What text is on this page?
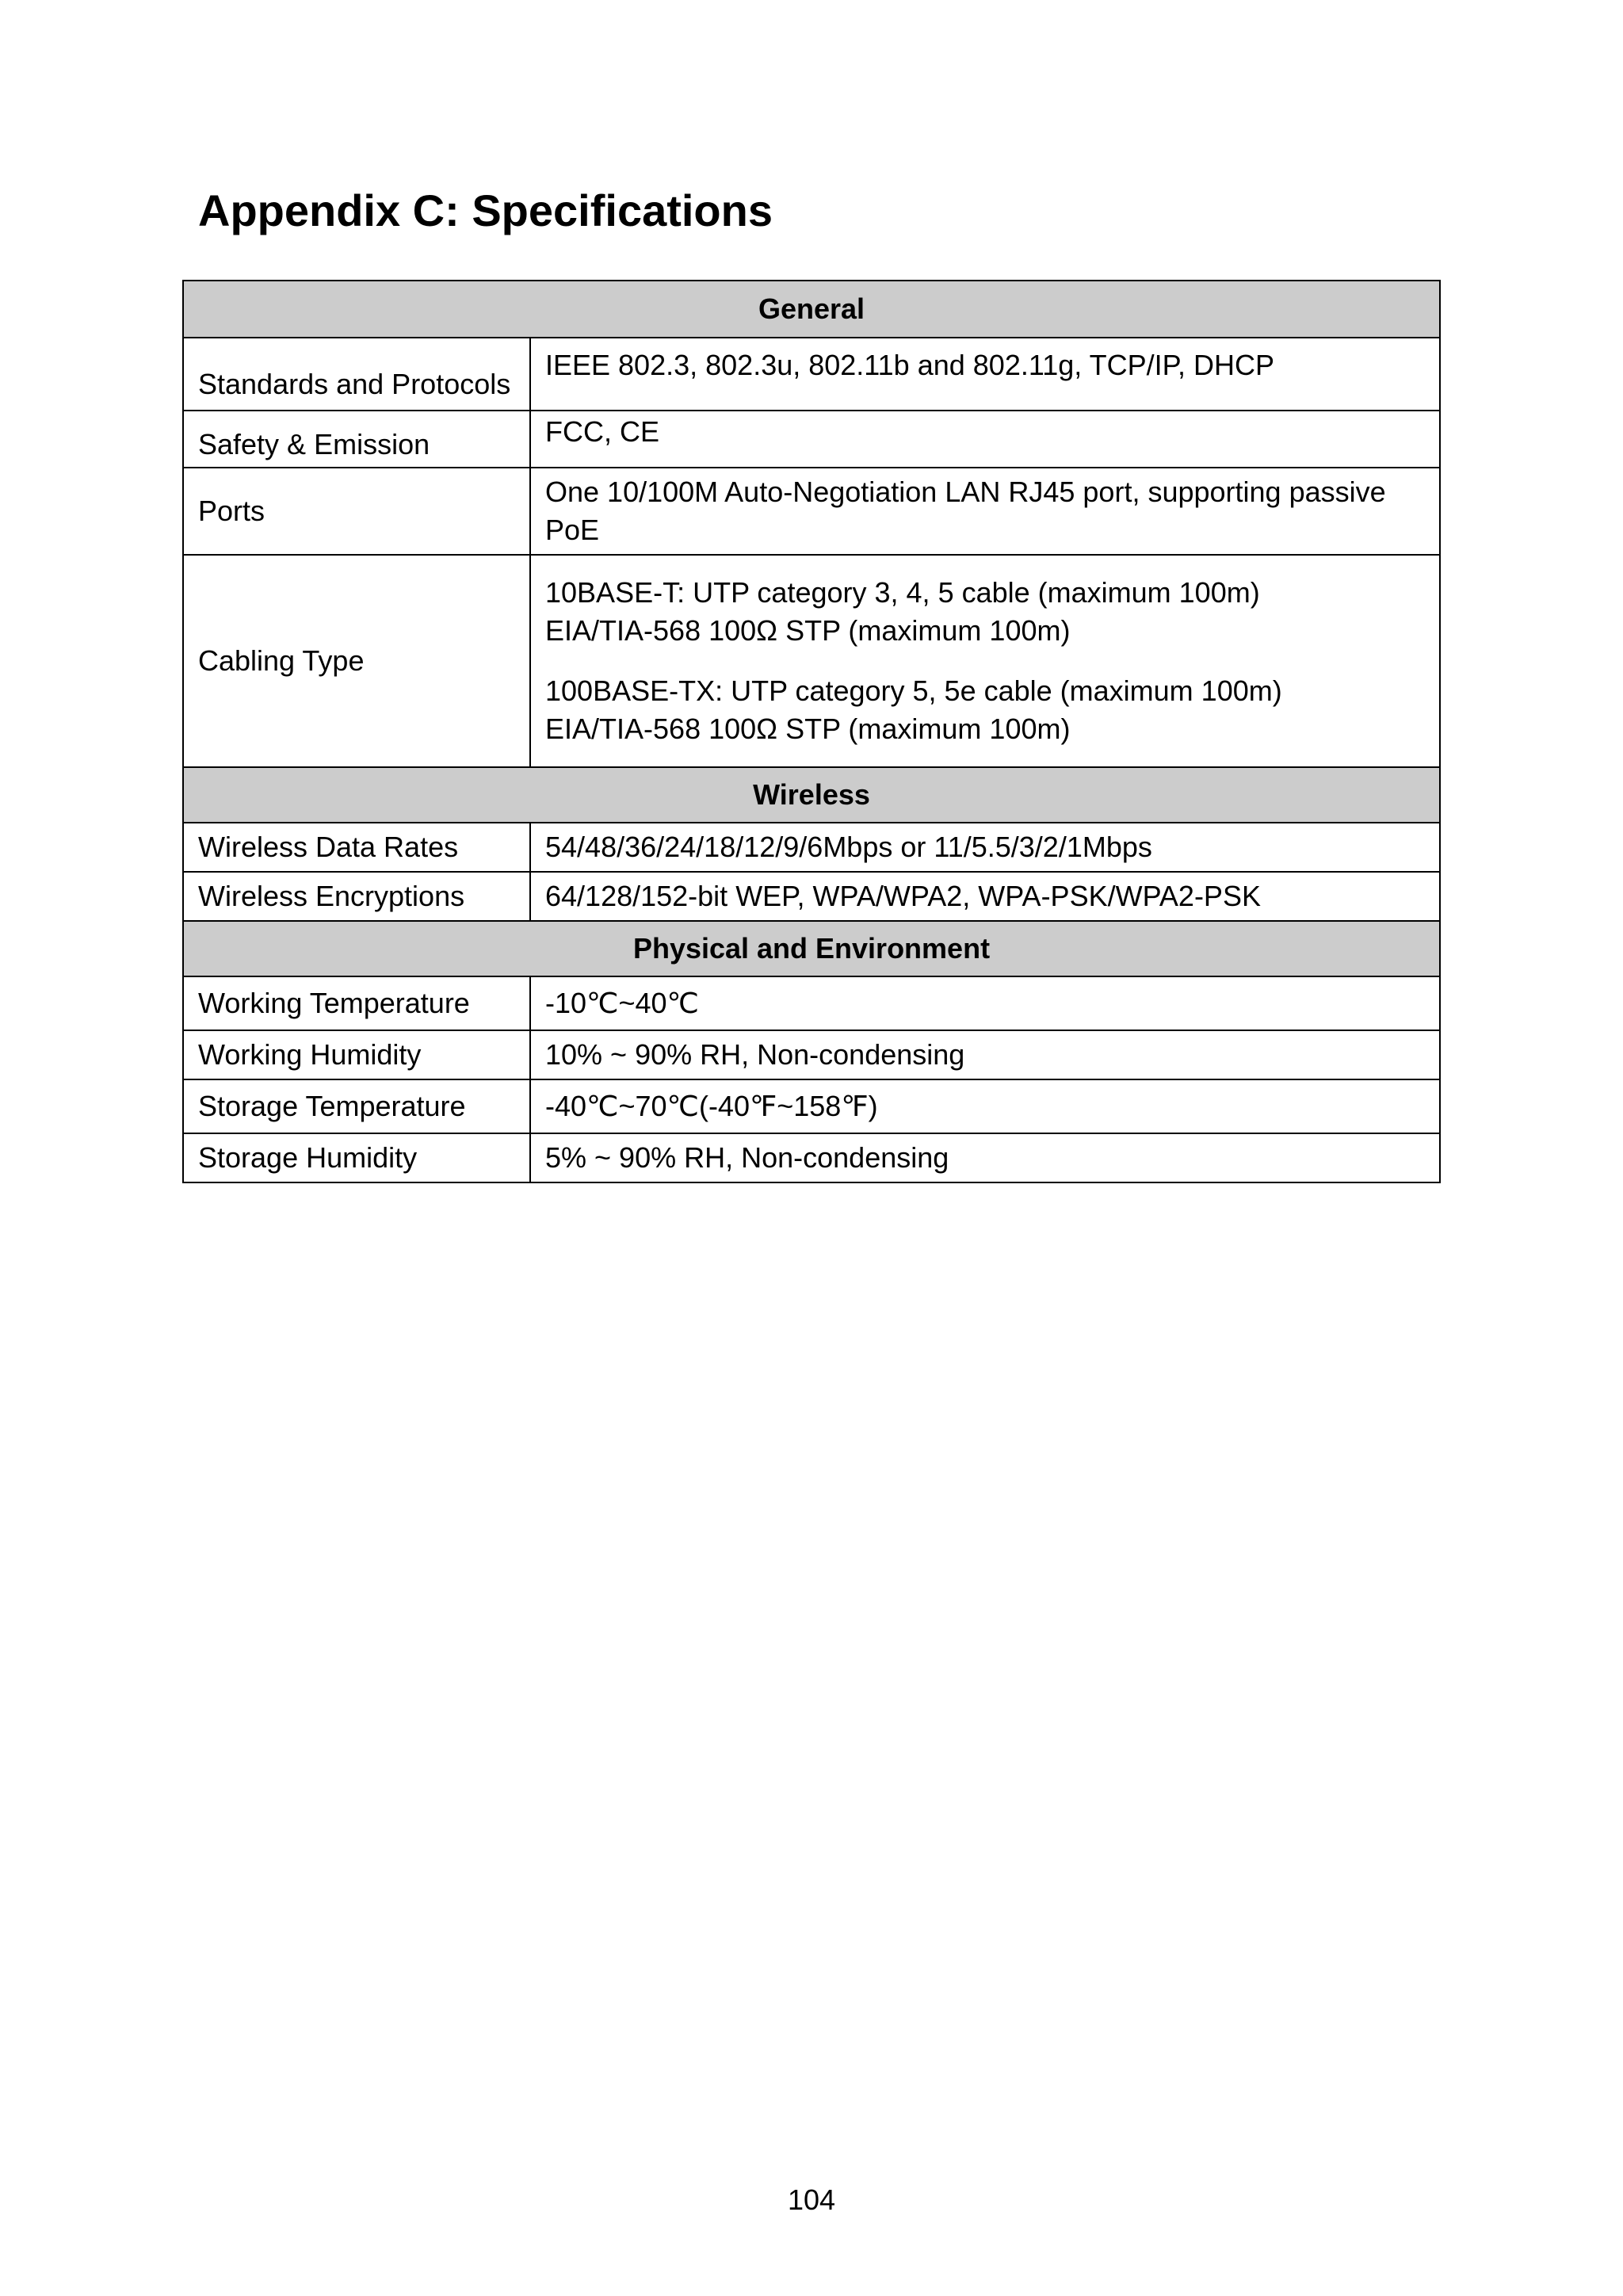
Appendix C: Specifications
General	
Standards and Protocols	IEEE 802.3, 802.3u, 802.11b and 802.11g, TCP/IP, DHCP
Safety & Emission	FCC, CE
Ports	One 10/100M Auto-Negotiation LAN RJ45 port, supporting passive
PoE

Cabling Type	10BASE-T: UTP category 3, 4, 5 cable (maximum 100m)
EIA/TIA-568 100Ω STP (maximum 100m)
100BASE-TX: UTP category 5, 5e cable (maximum 100m)
EIA/TIA-568 100Ω STP (maximum 100m)

Wireless	
Wireless Data Rates	54/48/36/24/18/12/9/6Mbps or 11/5.5/3/2/1Mbps
Wireless Encryptions	64/128/152-bit WEP, WPA/WPA2, WPA-PSK/WPA2-PSK
Physical and Environment	
Working Temperature	-10℃~40℃
Working Humidity	10% ~ 90% RH, Non-condensing
Storage Temperature	-40℃~70℃(-40℉~158℉)
Storage Humidity	5% ~ 90% RH, Non-condensing
104
